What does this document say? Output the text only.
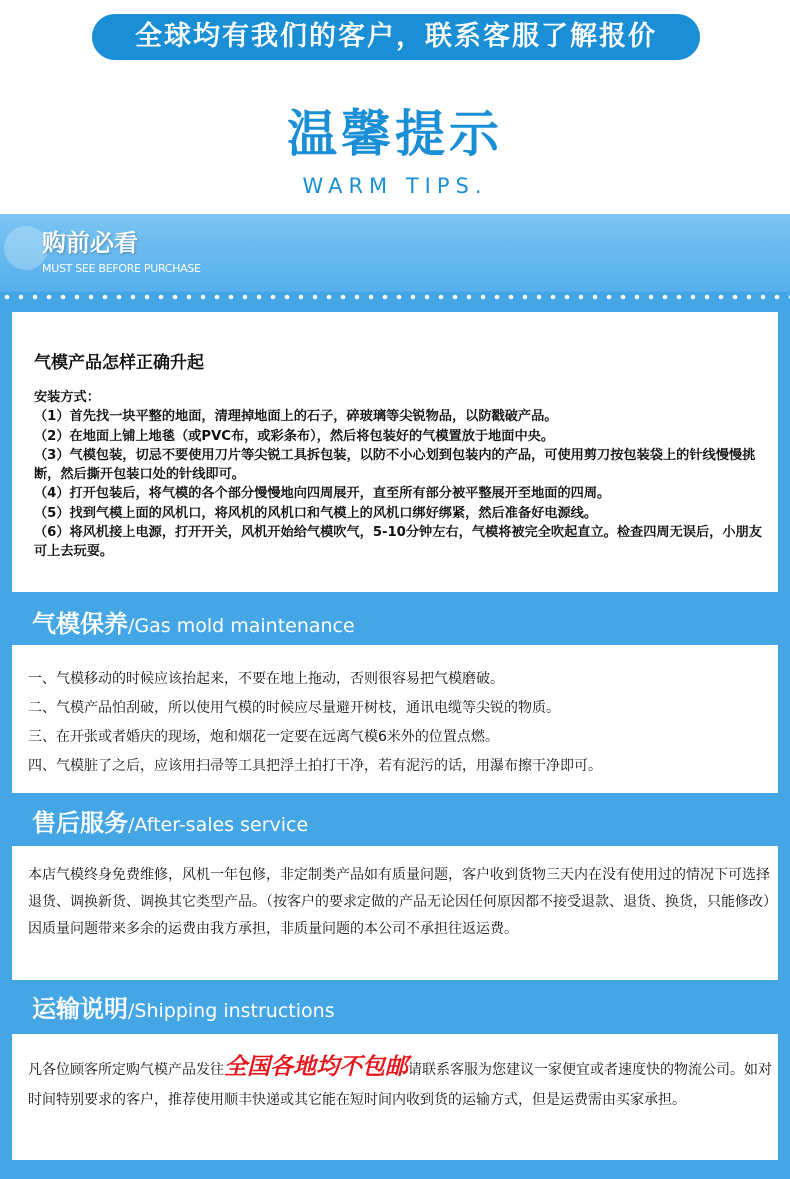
全球均有我们的客户，联系客服了解报价
温馨提示
WARM TIPS.
购前必看
MUST SEE BEFORE PURCHASE
气模产品怎样正确升起
安装方式：
（1）首先找一块平整的地面，清理掉地面上的石子，碎玻璃等尖锐物品，以防戳破产品。
（2）在地面上铺上地毯（或PVC布，或彩条布），然后将包装好的气模置放于地面中央。
（3）气模包装，切忌不要使用刀片等尖锐工具拆包装，以防不小心划到包装内的产品，可使用剪刀按包装袋上的针线慢慢挑断，然后撕开包装口处的针线即可。
（4）打开包装后，将气模的各个部分慢慢地向四周展开，直至所有部分被平整展开至地面的四周。
（5）找到气模上面的风机口，将风机的风机口和气模上的风机口绑好绑紧，然后准备好电源线。
（6）将风机接上电源，打开开关，风机开始给气模吹气，5-10分钟左右，气模将被完全吹起直立。检查四周无误后，小朋友可上去玩耍。
气模保养/Gas mold maintenance
一、气模移动的时候应该抬起来，不要在地上拖动，否则很容易把气模磨破。
二、气模产品怕刮破，所以使用气模的时候应尽量避开树枝，通讯电缆等尖锐的物质。
三、在开张或者婚庆的现场，炮和烟花一定要在远离气模6米外的位置点燃。
四、气模脏了之后，应该用扫帚等工具把浮土拍打干净，若有泥污的话，用瀑布擦干净即可。
售后服务/After-sales service

本店气模终身免费维修，风机一年包修，非定制类产品如有质量问题，客户收到货物三天内在没有使用过的情况下可选择退货、调换新货、调换其它类型产品。（按客户的要求定做的产品无论因任何原因都不接受退款、退货、换货，只能修改）因质量问题带来多余的运费由我方承担，非质量问题的本公司不承担往返运费。

运输说明/Shipping instructions

凡各位顾客所定购气模产品发往全国各地均不包邮请联系客服为您建议一家便宜或者速度快的物流公司。如对时间特别要求的客户，推荐使用顺丰快递或其它能在短时间内收到货的运输方式，但是运费需由买家承担。
